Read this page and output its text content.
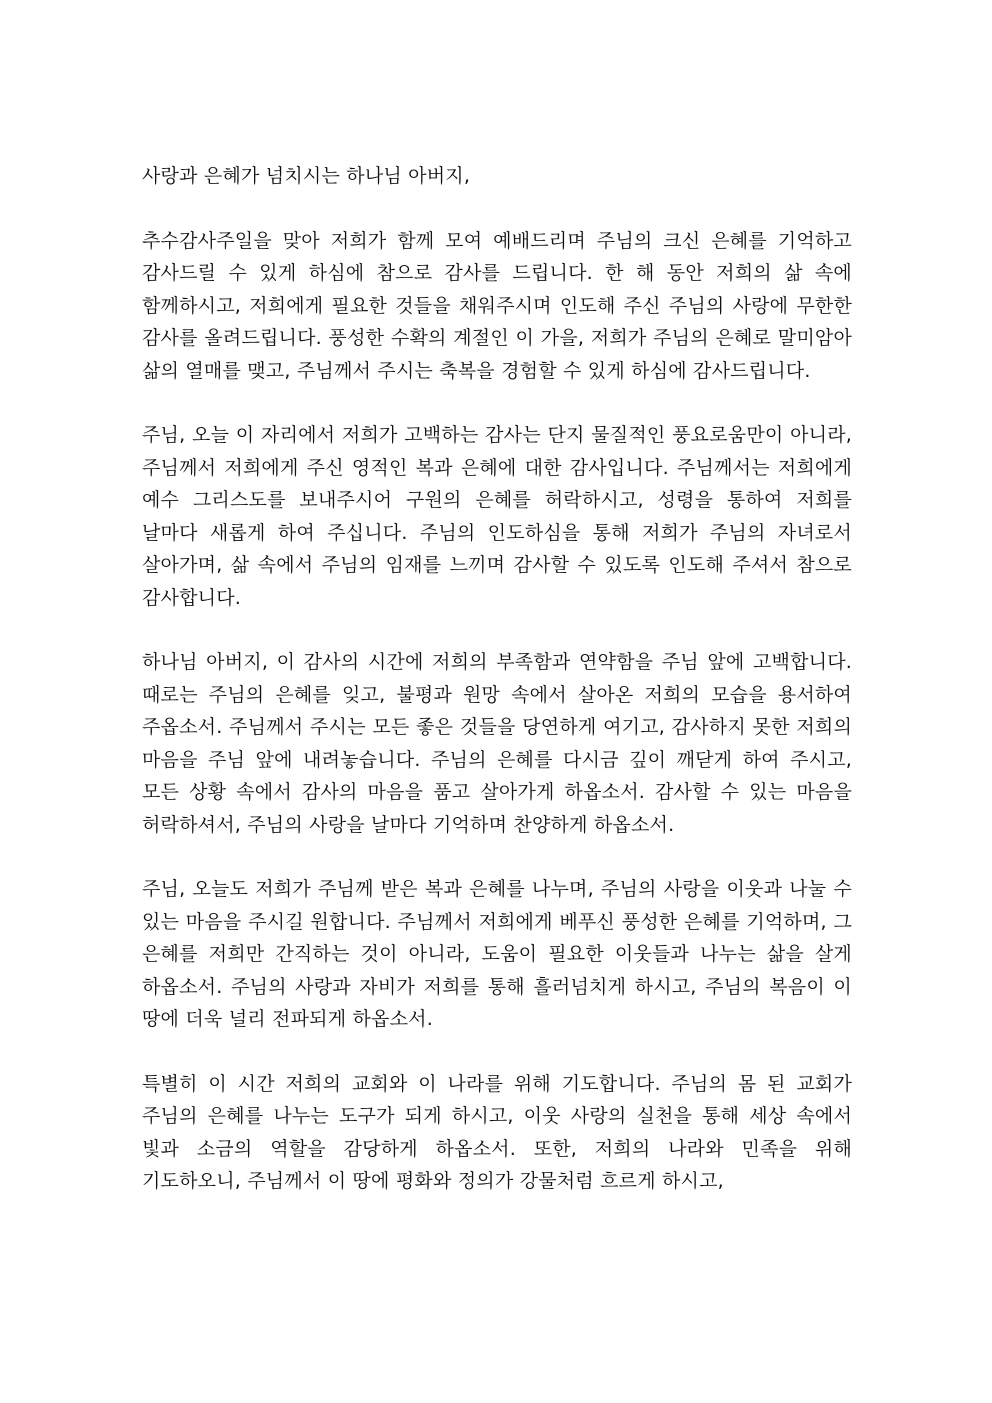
사랑과 은혜가 넘치시는 하나님 아버지,

추수감사주일을 맞아 저희가 함께 모여 예배드리며 주님의 크신 은혜를 기억하고 감사드릴 수 있게 하심에 참으로 감사를 드립니다. 한 해 동안 저희의 삶 속에 함께하시고, 저희에게 필요한 것들을 채워주시며 인도해 주신 주님의 사랑에 무한한 감사를 올려드립니다. 풍성한 수확의 계절인 이 가을, 저희가 주님의 은혜로 말미암아 삶의 열매를 맺고, 주님께서 주시는 축복을 경험할 수 있게 하심에 감사드립니다.

주님, 오늘 이 자리에서 저희가 고백하는 감사는 단지 물질적인 풍요로움만이 아니라, 주님께서 저희에게 주신 영적인 복과 은혜에 대한 감사입니다. 주님께서는 저희에게 예수 그리스도를 보내주시어 구원의 은혜를 허락하시고, 성령을 통하여 저희를 날마다 새롭게 하여 주십니다. 주님의 인도하심을 통해 저희가 주님의 자녀로서 살아가며, 삶 속에서 주님의 임재를 느끼며 감사할 수 있도록 인도해 주셔서 참으로 감사합니다.

하나님 아버지, 이 감사의 시간에 저희의 부족함과 연약함을 주님 앞에 고백합니다. 때로는 주님의 은혜를 잊고, 불평과 원망 속에서 살아온 저희의 모습을 용서하여 주옵소서. 주님께서 주시는 모든 좋은 것들을 당연하게 여기고, 감사하지 못한 저희의 마음을 주님 앞에 내려놓습니다. 주님의 은혜를 다시금 깊이 깨닫게 하여 주시고, 모든 상황 속에서 감사의 마음을 품고 살아가게 하옵소서. 감사할 수 있는 마음을 허락하셔서, 주님의 사랑을 날마다 기억하며 찬양하게 하옵소서.

주님, 오늘도 저희가 주님께 받은 복과 은혜를 나누며, 주님의 사랑을 이웃과 나눌 수 있는 마음을 주시길 원합니다. 주님께서 저희에게 베푸신 풍성한 은혜를 기억하며, 그 은혜를 저희만 간직하는 것이 아니라, 도움이 필요한 이웃들과 나누는 삶을 살게 하옵소서. 주님의 사랑과 자비가 저희를 통해 흘러넘치게 하시고, 주님의 복음이 이 땅에 더욱 널리 전파되게 하옵소서.

특별히 이 시간 저희의 교회와 이 나라를 위해 기도합니다. 주님의 몸 된 교회가 주님의 은혜를 나누는 도구가 되게 하시고, 이웃 사랑의 실천을 통해 세상 속에서 빛과 소금의 역할을 감당하게 하옵소서. 또한, 저희의 나라와 민족을 위해 기도하오니, 주님께서 이 땅에 평화와 정의가 강물처럼 흐르게 하시고,
